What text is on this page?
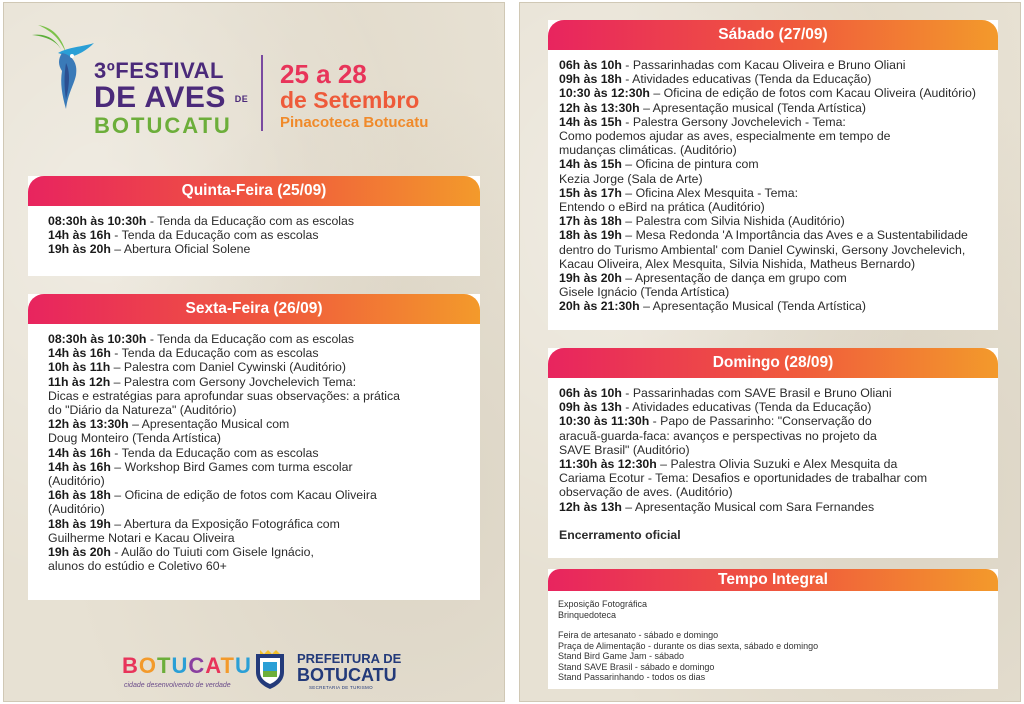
3ºFESTIVAL
DE AVES DE
BOTUCATU
25 a 28
de Setembro
Pinacoteca Botucatu
Quinta-Feira (25/09)
08:30h às 10:30h - Tenda da Educação com as escolas
14h às 16h - Tenda da Educação com as escolas
19h às 20h – Abertura Oficial Solene
Sexta-Feira (26/09)
08:30h às 10:30h - Tenda da Educação com as escolas
14h às 16h - Tenda da Educação com as escolas
10h às 11h – Palestra com Daniel Cywinski (Auditório)
11h às 12h – Palestra com Gersony Jovchelevich Tema:
Dicas e estratégias para aprofundar suas observações: a prática
do "Diário da Natureza" (Auditório)
12h às 13:30h – Apresentação Musical com
Doug Monteiro (Tenda Artística)
14h às 16h - Tenda da Educação com as escolas
14h às 16h – Workshop Bird Games com turma escolar
(Auditório)
16h às 18h – Oficina de edição de fotos com Kacau Oliveira
(Auditório)
18h às 19h – Abertura da Exposição Fotográfica com
Guilherme Notari e Kacau Oliveira
19h às 20h - Aulão do Tuiuti com Gisele Ignácio,
alunos do estúdio e Coletivo 60+
BOTUCATU
cidade desenvolvendo de verdade
PREFEITURA DE
BOTUCATU
SECRETARIA DE TURISMO
Sábado (27/09)
06h às 10h - Passarinhadas com Kacau Oliveira e Bruno Oliani
09h às 18h - Atividades educativas (Tenda da Educação)
10:30 às 12:30h – Oficina de edição de fotos com Kacau Oliveira (Auditório)
12h às 13:30h – Apresentação musical (Tenda Artística)
14h às 15h - Palestra Gersony Jovchelevich - Tema:
Como podemos ajudar as aves, especialmente em tempo de
mudanças climáticas. (Auditório)
14h às 15h – Oficina de pintura com
Kezia Jorge (Sala de Arte)
15h às 17h – Oficina Alex Mesquita - Tema:
Entendo o eBird na prática (Auditório)
17h às 18h – Palestra com Silvia Nishida (Auditório)
18h às 19h – Mesa Redonda 'A Importância das Aves e a Sustentabilidade
dentro do Turismo Ambiental' com Daniel Cywinski, Gersony Jovchelevich,
Kacau Oliveira, Alex Mesquita, Silvia Nishida, Matheus Bernardo)
19h às 20h – Apresentação de dança em grupo com
Gisele Ignácio (Tenda Artística)
20h às 21:30h – Apresentação Musical (Tenda Artística)
Domingo (28/09)
06h às 10h - Passarinhadas com SAVE Brasil e Bruno Oliani
09h às 13h - Atividades educativas (Tenda da Educação)
10:30 às 11:30h - Papo de Passarinho: "Conservação do
aracuã-guarda-faca: avanços e perspectivas no projeto da
SAVE Brasil" (Auditório)
11:30h às 12:30h – Palestra Olivia Suzuki e Alex Mesquita da
Cariama Ecotur - Tema: Desafios e oportunidades de trabalhar com
observação de aves. (Auditório)
12h às 13h – Apresentação Musical com Sara Fernandes
Encerramento oficial
Tempo Integral
Exposição Fotográfica
Brinquedoteca
Feira de artesanato - sábado e domingo
Praça de Alimentação - durante os dias sexta, sábado e domingo
Stand Bird Game Jam - sábado
Stand SAVE Brasil - sábado e domingo
Stand Passarinhando - todos os dias
